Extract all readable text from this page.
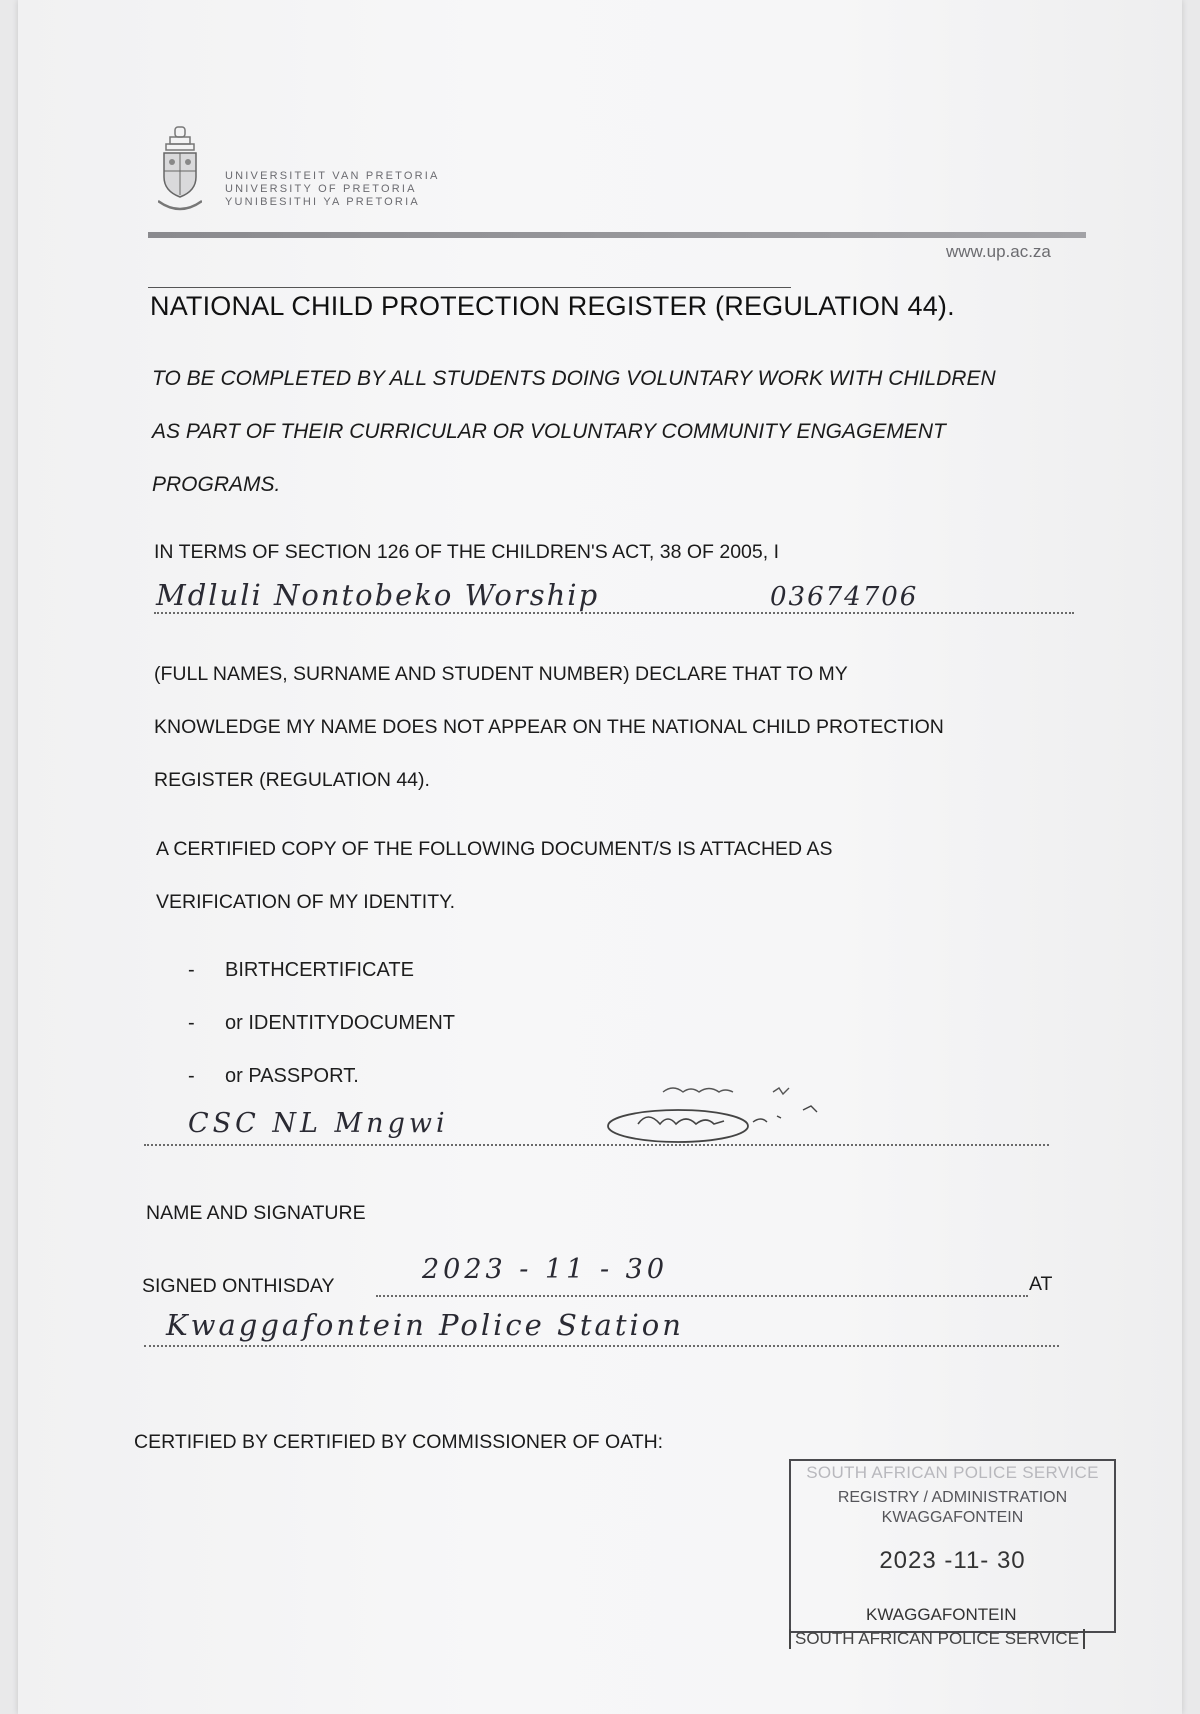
UNIVERSITEIT VAN PRETORIA
UNIVERSITY OF PRETORIA
YUNIBESITHI YA PRETORIA
www.up.ac.za
NATIONAL CHILD PROTECTION REGISTER (REGULATION 44).
TO BE COMPLETED BY ALL STUDENTS DOING VOLUNTARY WORK WITH CHILDREN
AS PART OF THEIR CURRICULAR OR VOLUNTARY COMMUNITY ENGAGEMENT
PROGRAMS.
IN TERMS OF SECTION 126 OF THE CHILDREN'S ACT, 38 OF 2005, I
Mdluli Nontobeko Worship	03674706
(FULL NAMES, SURNAME AND STUDENT NUMBER) DECLARE THAT TO MY
KNOWLEDGE MY NAME DOES NOT APPEAR ON THE NATIONAL CHILD PROTECTION
REGISTER (REGULATION 44).
A CERTIFIED COPY OF THE FOLLOWING DOCUMENT/S IS ATTACHED AS
VERIFICATION OF MY IDENTITY.
-	BIRTHCERTIFICATE
-	or IDENTITYDOCUMENT
-	or PASSPORT.
CSC NL Mngwi
NAME AND SIGNATURE
SIGNED ONTHISDAY
2023 - 11 - 30	AT
Kwaggafontein Police Station
CERTIFIED BY CERTIFIED BY COMMISSIONER OF OATH:
SOUTH AFRICAN POLICE SERVICE
REGISTRY / ADMINISTRATION
KWAGGAFONTEIN
2023 -11- 30
KWAGGAFONTEIN
SOUTH AFRICAN POLICE SERVICE
